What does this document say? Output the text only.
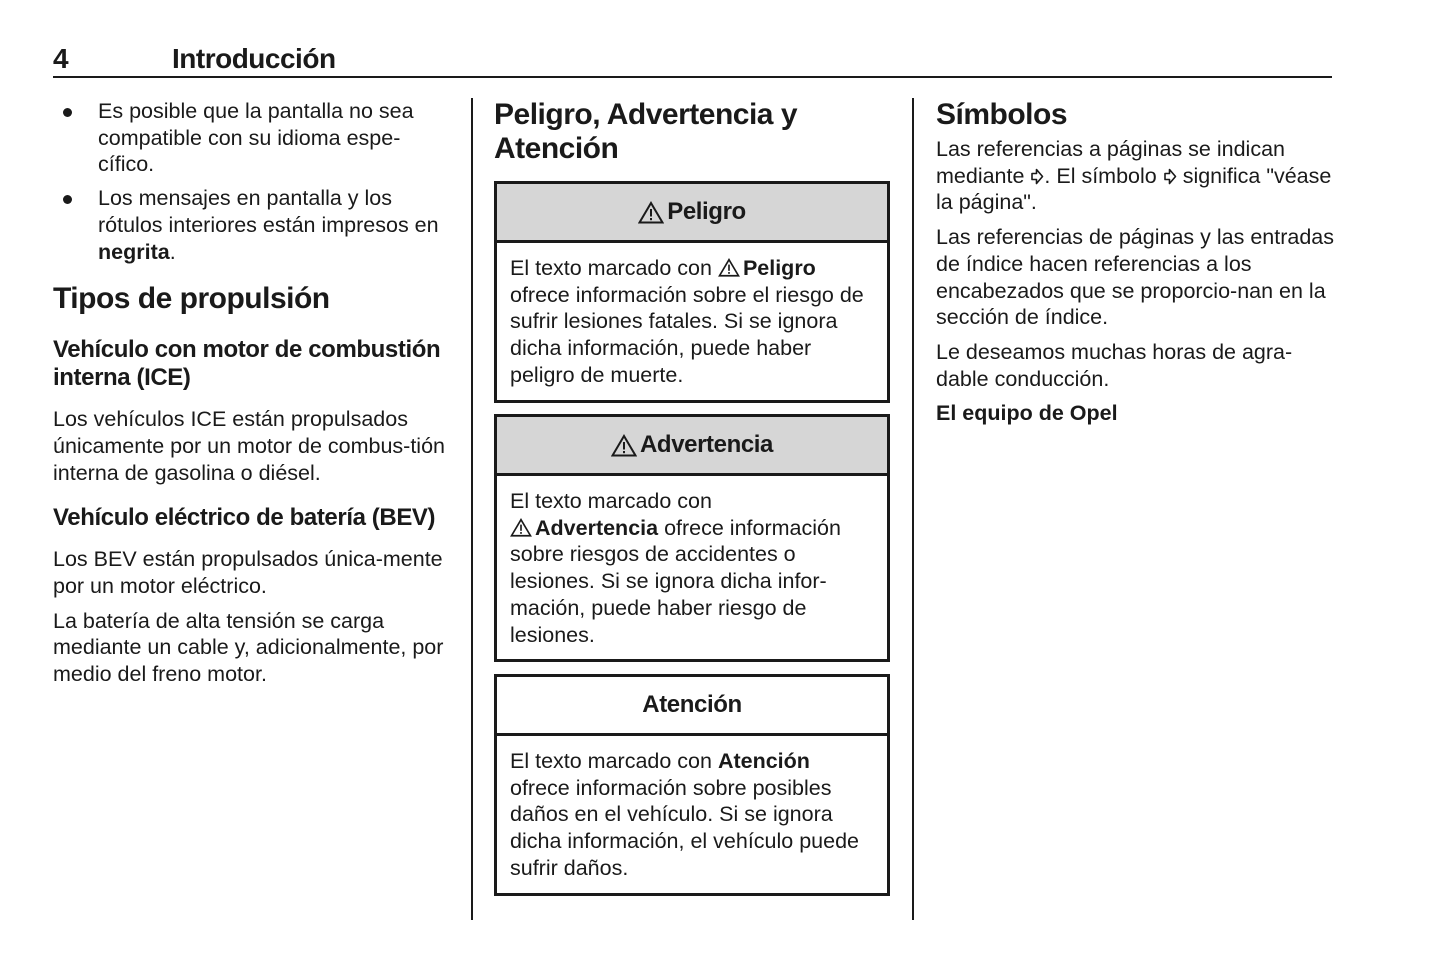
4	Introducción
Es posible que la pantalla no sea compatible con su idioma espe-cífico.
Los mensajes en pantalla y los rótulos interiores están impresos en negrita.
Tipos de propulsión
Vehículo con motor de combustión interna (ICE)

Los vehículos ICE están propulsados únicamente por un motor de combus-tión interna de gasolina o diésel.

Vehículo eléctrico de batería (BEV)

Los BEV están propulsados única-mente por un motor eléctrico.

La batería de alta tensión se carga mediante un cable y, adicionalmente, por medio del freno motor.

Peligro, Advertencia y Atención
Peligro

El texto marcado con Peligro ofrece información sobre el riesgo de sufrir lesiones fatales. Si se ignora dicha información, puede haber peligro de muerte.

Advertencia

El texto marcado con
Advertencia ofrece información sobre riesgos de accidentes o lesiones. Si se ignora dicha infor-mación, puede haber riesgo de lesiones.

Atención

El texto marcado con Atención ofrece información sobre posibles daños en el vehículo. Si se ignora dicha información, el vehículo puede sufrir daños.

Símbolos

Las referencias a páginas se indican mediante . El símbolo  significa "véase la página".

Las referencias de páginas y las entradas de índice hacen referencias a los encabezados que se proporcio-nan en la sección de índice.

Le deseamos muchas horas de agra-dable conducción.

El equipo de Opel
